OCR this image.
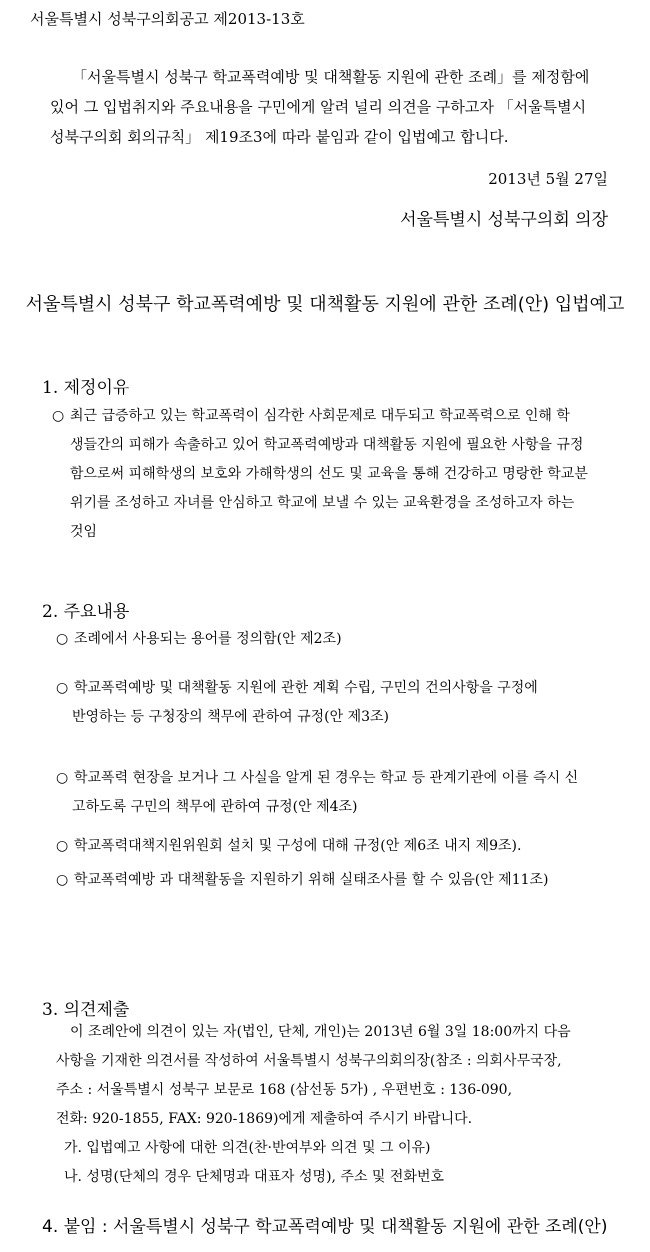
서울특별시 성북구의회공고 제2013-13호
「서울특별시 성북구 학교폭력예방 및 대책활동 지원에 관한 조례」를 제정함에
있어 그 입법취지와 주요내용을 구민에게 알려 널리 의견을 구하고자 「서울특별시
성북구의회 회의규칙」 제19조3에 따라 붙임과 같이 입법예고 합니다.
2013년 5월 27일
서울특별시 성북구의회 의장
서울특별시 성북구 학교폭력예방 및 대책활동 지원에 관한 조례(안) 입법예고
1. 제정이유
○ 최근 급증하고 있는 학교폭력이 심각한 사회문제로 대두되고 학교폭력으로 인해 학
생들간의 피해가 속출하고 있어 학교폭력예방과 대책활동 지원에 필요한 사항을 규정
함으로써 피해학생의 보호와 가해학생의 선도 및 교육을 통해 건강하고 명랑한 학교분
위기를 조성하고 자녀를 안심하고 학교에 보낼 수 있는 교육환경을 조성하고자 하는
것임
2. 주요내용
○ 조례에서 사용되는 용어를 정의함(안 제2조)
○ 학교폭력예방 및 대책활동 지원에 관한 계획 수립, 구민의 건의사항을 구정에
반영하는 등 구청장의 책무에 관하여 규정(안 제3조)
○ 학교폭력 현장을 보거나 그 사실을 알게 된 경우는 학교 등 관계기관에 이를 즉시 신
고하도록 구민의 책무에 관하여 규정(안 제4조)
○ 학교폭력대책지원위원회 설치 및 구성에 대해 규정(안 제6조 내지 제9조).
○ 학교폭력예방 과 대책활동을 지원하기 위해 실태조사를 할 수 있음(안 제11조)
3. 의견제출
이 조례안에 의견이 있는 자(법인, 단체, 개인)는 2013년 6월 3일 18:00까지 다음
사항을 기재한 의견서를 작성하여 서울특별시 성북구의회의장(참조 : 의회사무국장,
주소 : 서울특별시 성북구 보문로 168 (삼선동 5가) , 우편번호 : 136-090,
전화: 920-1855, FAX: 920-1869)에게 제출하여 주시기 바랍니다.
가. 입법예고 사항에 대한 의견(찬·반여부와 의견 및 그 이유)
나. 성명(단체의 경우 단체명과 대표자 성명), 주소 및 전화번호
4. 붙임 : 서울특별시 성북구 학교폭력예방 및 대책활동 지원에 관한 조례(안)
